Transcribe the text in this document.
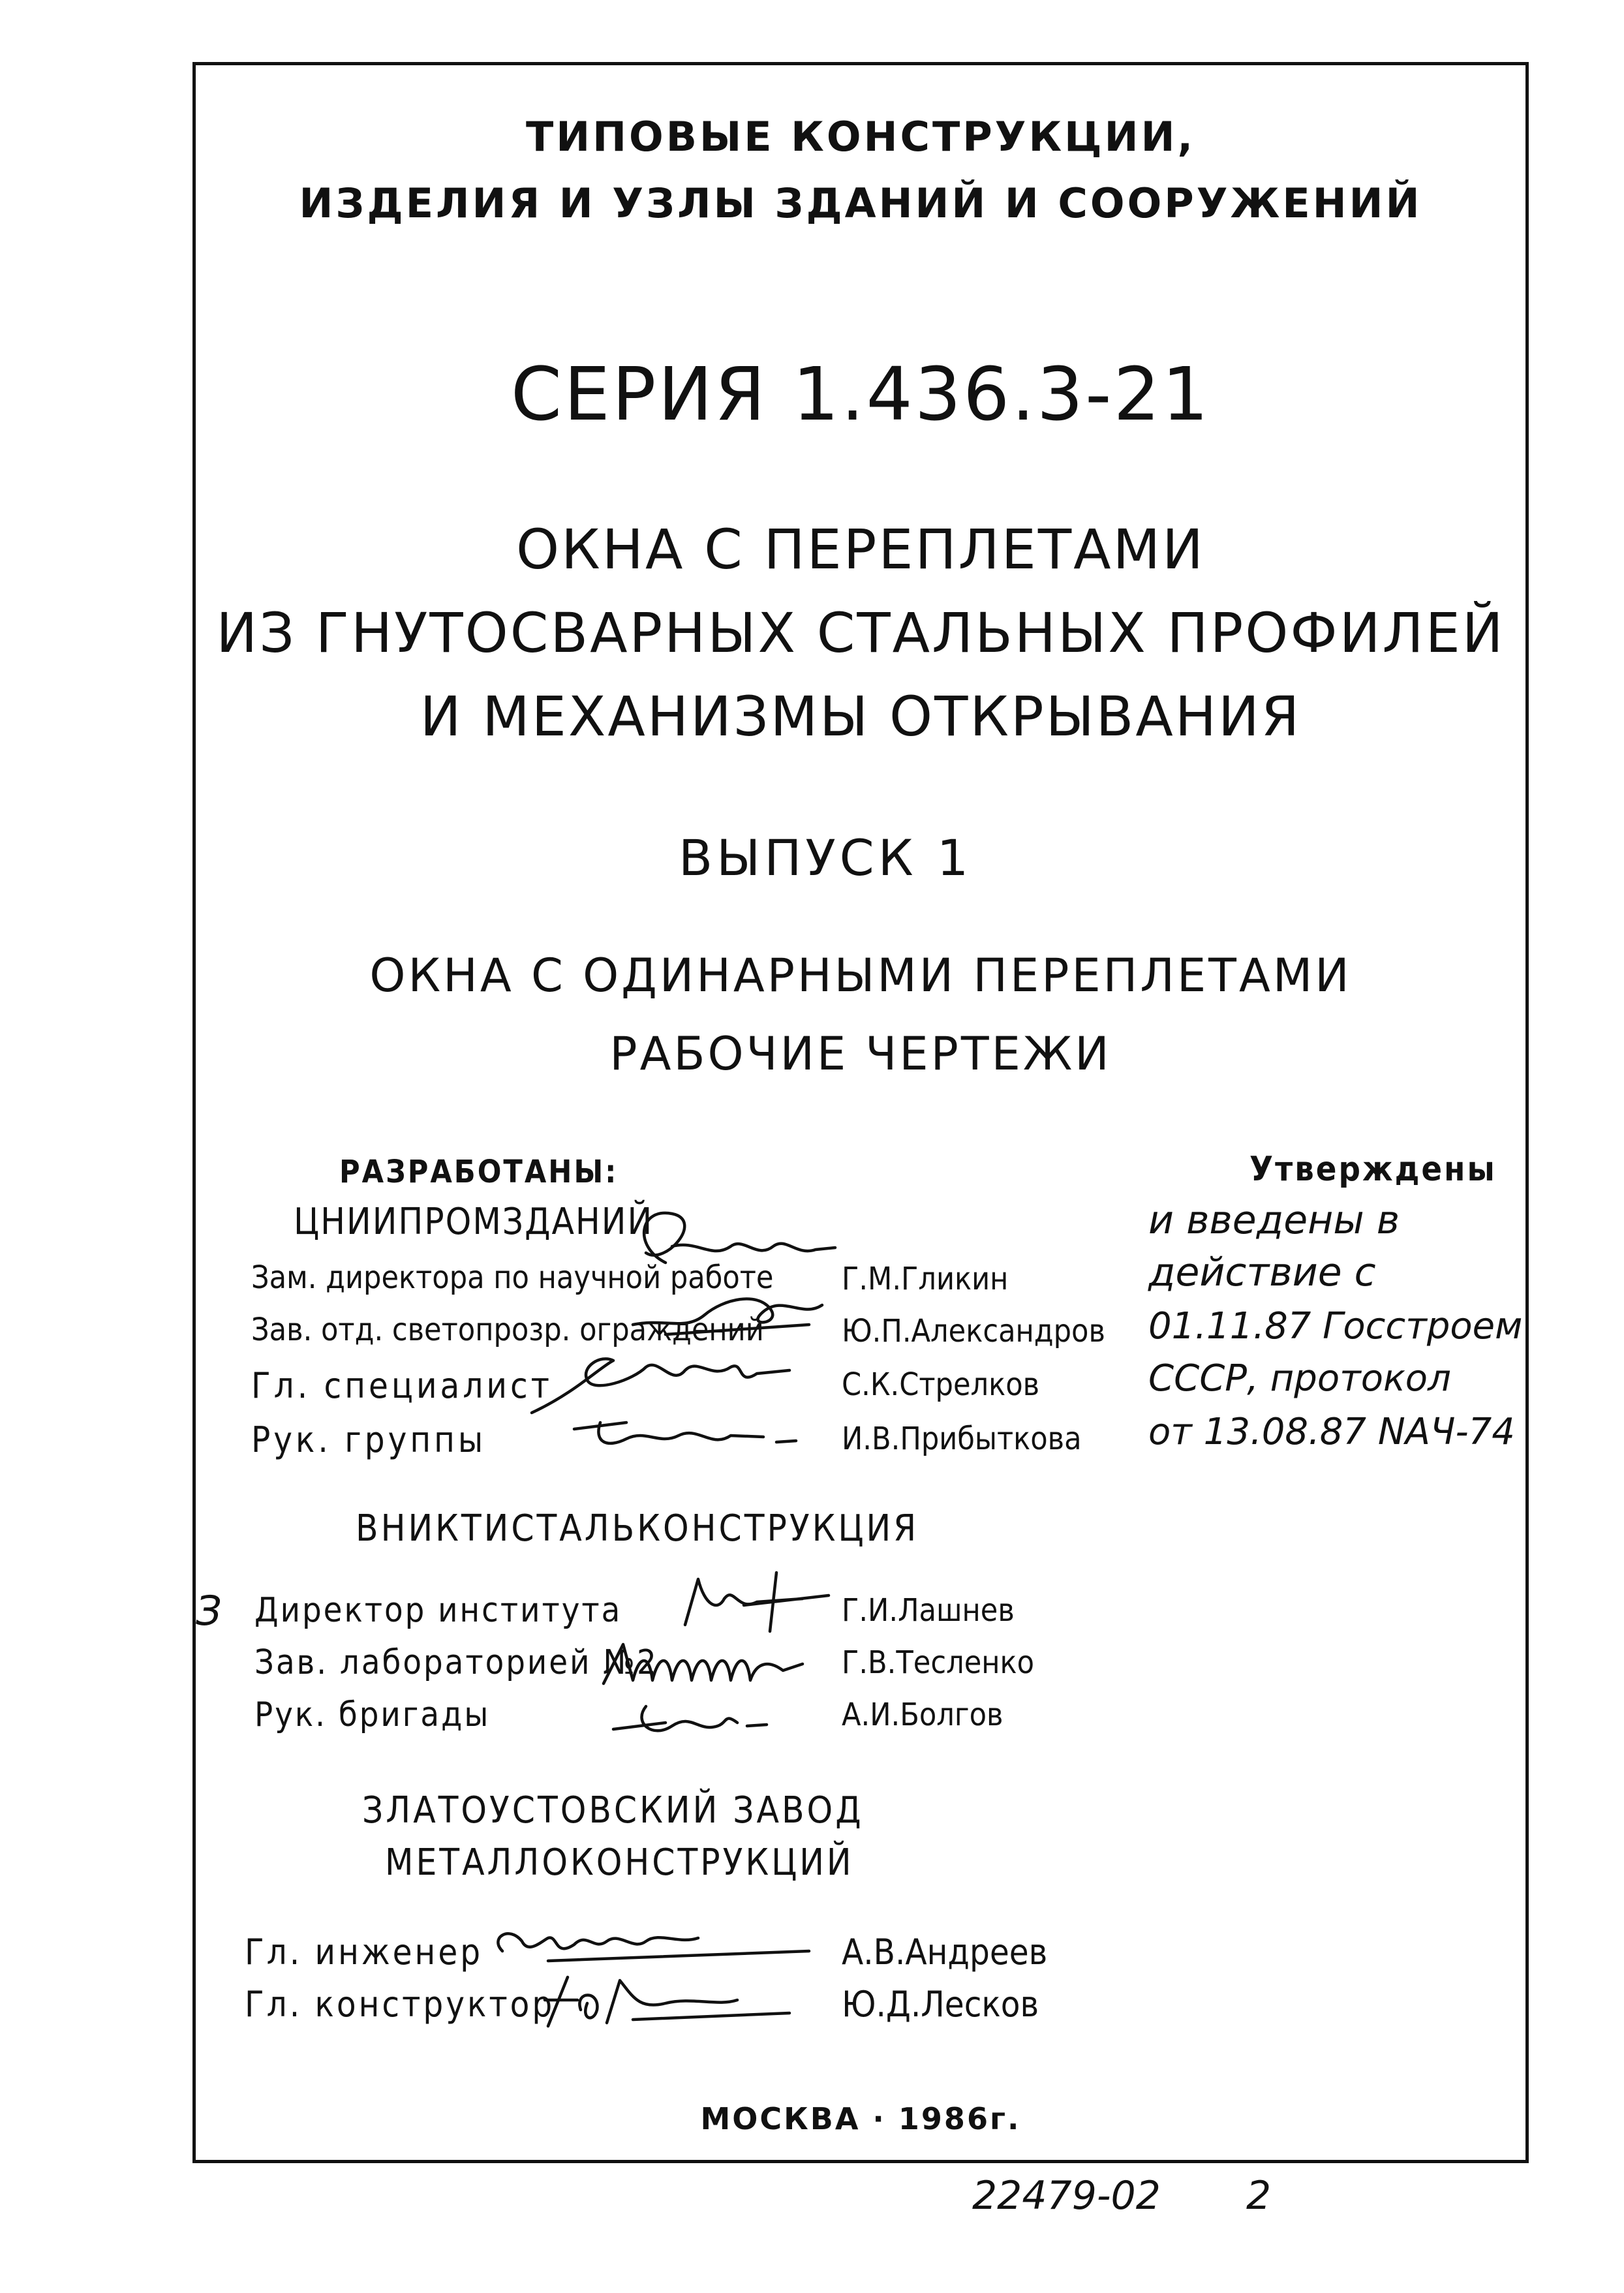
ТИПОВЫЕ КОНСТРУКЦИИ,
ИЗДЕЛИЯ И УЗЛЫ ЗДАНИЙ И СООРУЖЕНИЙ
СЕРИЯ 1.436.3-21
ОКНА С ПЕРЕПЛЕТАМИ
ИЗ ГНУТОСВАРНЫХ СТАЛЬНЫХ ПРОФИЛЕЙ
И МЕХАНИЗМЫ ОТКРЫВАНИЯ
ВЫПУСК 1
ОКНА С ОДИНАРНЫМИ ПЕРЕПЛЕТАМИ
РАБОЧИЕ ЧЕРТЕЖИ
РАЗРАБОТАНЫ:
ЦНИИПРОМЗДАНИЙ
Зам. директора по научной работе
Зав. отд. светопрозр. ограждений
Гл. специалист
Рук. группы
Г.М.Гликин
Ю.П.Александров
С.К.Стрелков
И.В.Прибыткова
ВНИКТИСТАЛЬКОНСТРУКЦИЯ
З Директор института
Зав. лабораторией №2
Рук. бригады
Г.И.Лашнев
Г.В.Тесленко
А.И.Болгов
ЗЛАТОУСТОВСКИЙ ЗАВОД
МЕТАЛЛОКОНСТРУКЦИЙ
Гл. инженер
Гл. конструктор
А.В.Андреев
Ю.Д.Лесков
Утверждены
и введены в
действие с
01.11.87 Госстроем
СССР, протокол
от 13.08.87 NАЧ-74
МОСКВА · 1986г.
22479-02 2
